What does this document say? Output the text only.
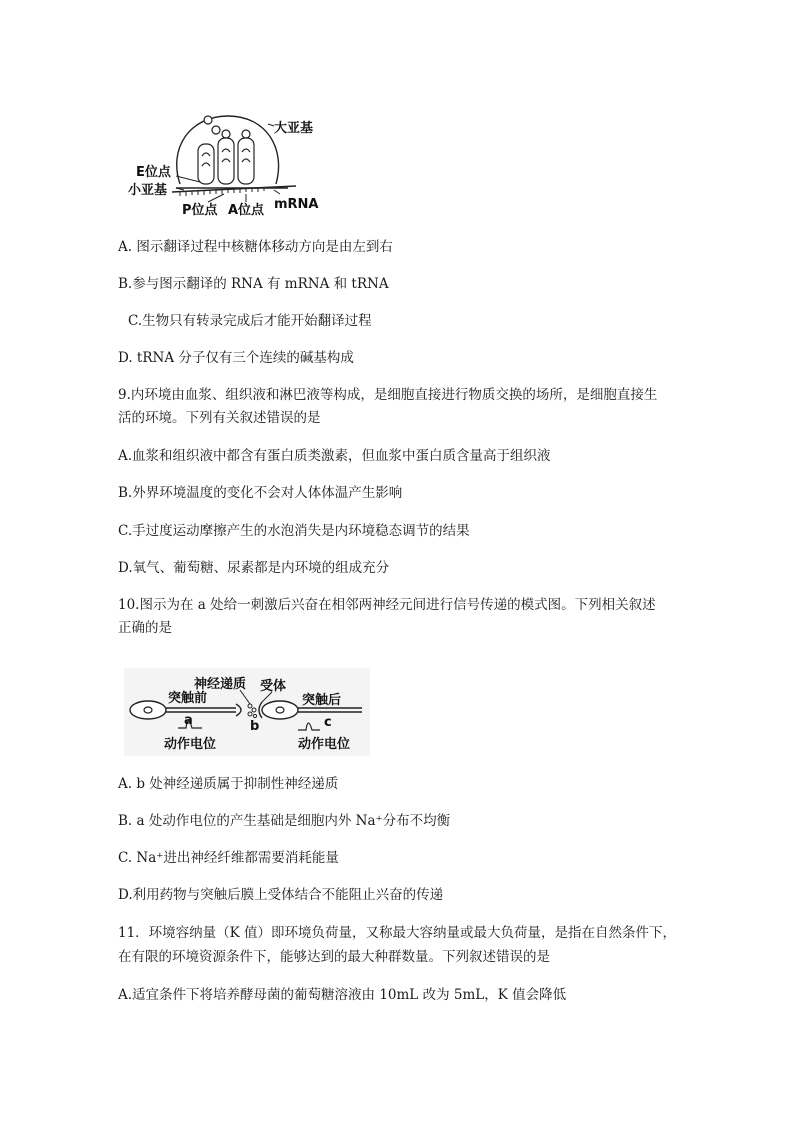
大亚基
E位点
小亚基
P位点 A位点 mRNA
A. 图示翻译过程中核糖体移动方向是由左到右
B.参与图示翻译的 RNA 有 mRNA 和 tRNA
C.生物只有转录完成后才能开始翻译过程
D. tRNA 分子仅有三个连续的碱基构成
9.内环境由血浆、组织液和淋巴液等构成，是细胞直接进行物质交换的场所，是细胞直接生
活的环境。下列有关叙述错误的是
A.血浆和组织液中都含有蛋白质类激素，但血浆中蛋白质含量高于组织液
B.外界环境温度的变化不会对人体体温产生影响
C.手过度运动摩擦产生的水泡消失是内环境稳态调节的结果
D.氧气、葡萄糖、尿素都是内环境的组成充分
10.图示为在 a 处给一刺激后兴奋在相邻两神经元间进行信号传递的模式图。下列相关叙述
正确的是
神经递质 受体
突触前	突触后
a	b	c
动作电位	动作电位
A. b 处神经递质属于抑制性神经递质
B. a 处动作电位的产生基础是细胞内外 Na⁺分布不均衡
C. Na⁺进出神经纤维都需要消耗能量
D.利用药物与突触后膜上受体结合不能阻止兴奋的传递
11．环境容纳量（K 值）即环境负荷量，又称最大容纳量或最大负荷量，是指在自然条件下，
在有限的环境资源条件下，能够达到的最大种群数量。下列叙述错误的是
A.适宜条件下将培养酵母菌的葡萄糖溶液由 10mL 改为 5mL，K 值会降低
